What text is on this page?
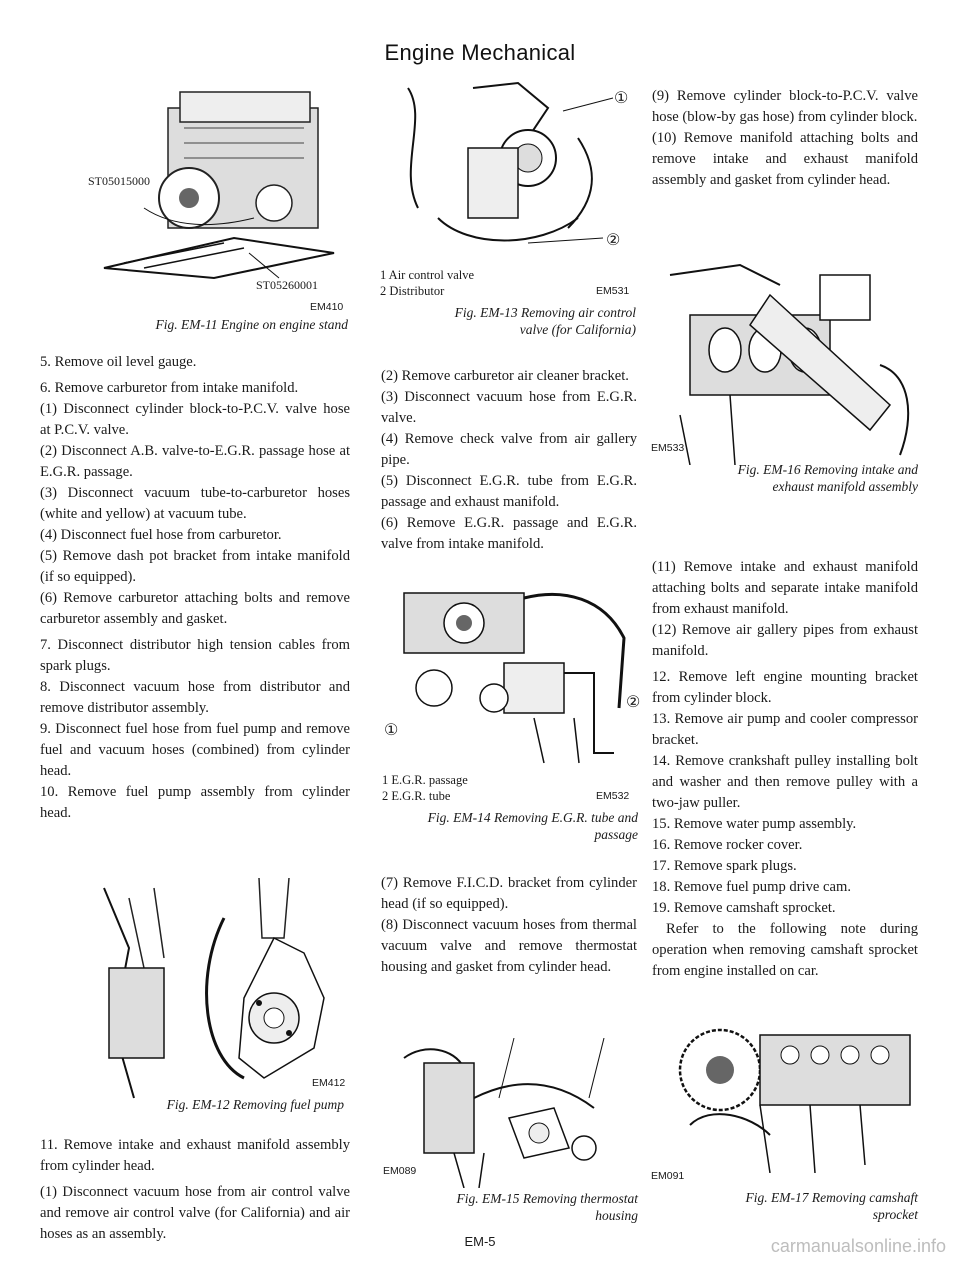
Engine Mechanical
ST05015000
ST05260001
EM410
Fig. EM-11 Engine on engine stand

5. Remove oil level gauge.

6. Remove carburetor from intake manifold.

(1) Disconnect cylinder block-to-P.C.V. valve hose at P.C.V. valve.

(2) Disconnect A.B. valve-to-E.G.R. passage hose at E.G.R. passage.

(3) Disconnect vacuum tube-to-carburetor hoses (white and yellow) at vacuum tube.

(4) Disconnect fuel hose from carburetor.

(5) Remove dash pot bracket from intake manifold (if so equipped).

(6) Remove carburetor attaching bolts and remove carburetor assembly and gasket.

7. Disconnect distributor high tension cables from spark plugs.

8. Disconnect vacuum hose from distributor and remove distributor assembly.

9. Disconnect fuel hose from fuel pump and remove fuel and vacuum hoses (combined) from cylinder head.

10. Remove fuel pump assembly from cylinder head.

EM412
Fig. EM-12 Removing fuel pump

11. Remove intake and exhaust manifold assembly from cylinder head.

(1) Disconnect vacuum hose from air control valve and remove air control valve (for California) and air hoses as an assembly.

①
②
1 Air control valve
2 Distributor	EM531
Fig. EM-13 Removing air control
valve (for California)

(2) Remove carburetor air cleaner bracket.

(3) Disconnect vacuum hose from E.G.R. valve.

(4) Remove check valve from air gallery pipe.

(5) Disconnect E.G.R. tube from E.G.R. passage and exhaust manifold.

(6) Remove E.G.R. passage and E.G.R. valve from intake manifold.

①
②
1 E.G.R. passage
2 E.G.R. tube	EM532
Fig. EM-14 Removing E.G.R. tube and
passage

(7) Remove F.I.C.D. bracket from cylinder head (if so equipped).

(8) Disconnect vacuum hoses from thermal vacuum valve and remove thermostat housing and gasket from cylinder head.

EM089
Fig. EM-15 Removing thermostat
housing

(9) Remove cylinder block-to-P.C.V. valve hose (blow-by gas hose) from cylinder block.

(10) Remove manifold attaching bolts and remove intake and exhaust manifold assembly and gasket from cylinder head.

EM533
Fig. EM-16 Removing intake and
exhaust manifold assembly

(11) Remove intake and exhaust manifold attaching bolts and separate intake manifold from exhaust manifold.

(12) Remove air gallery pipes from exhaust manifold.

12. Remove left engine mounting bracket from cylinder block.

13. Remove air pump and cooler compressor bracket.

14. Remove crankshaft pulley installing bolt and washer and then remove pulley with a two-jaw puller.

15. Remove water pump assembly.

16. Remove rocker cover.

17. Remove spark plugs.

18. Remove fuel pump drive cam.

19. Remove camshaft sprocket.

Refer to the following note during operation when removing camshaft sprocket from engine installed on car.

EM091
Fig. EM-17 Removing camshaft
sprocket
EM-5	carmanualsonline.info
